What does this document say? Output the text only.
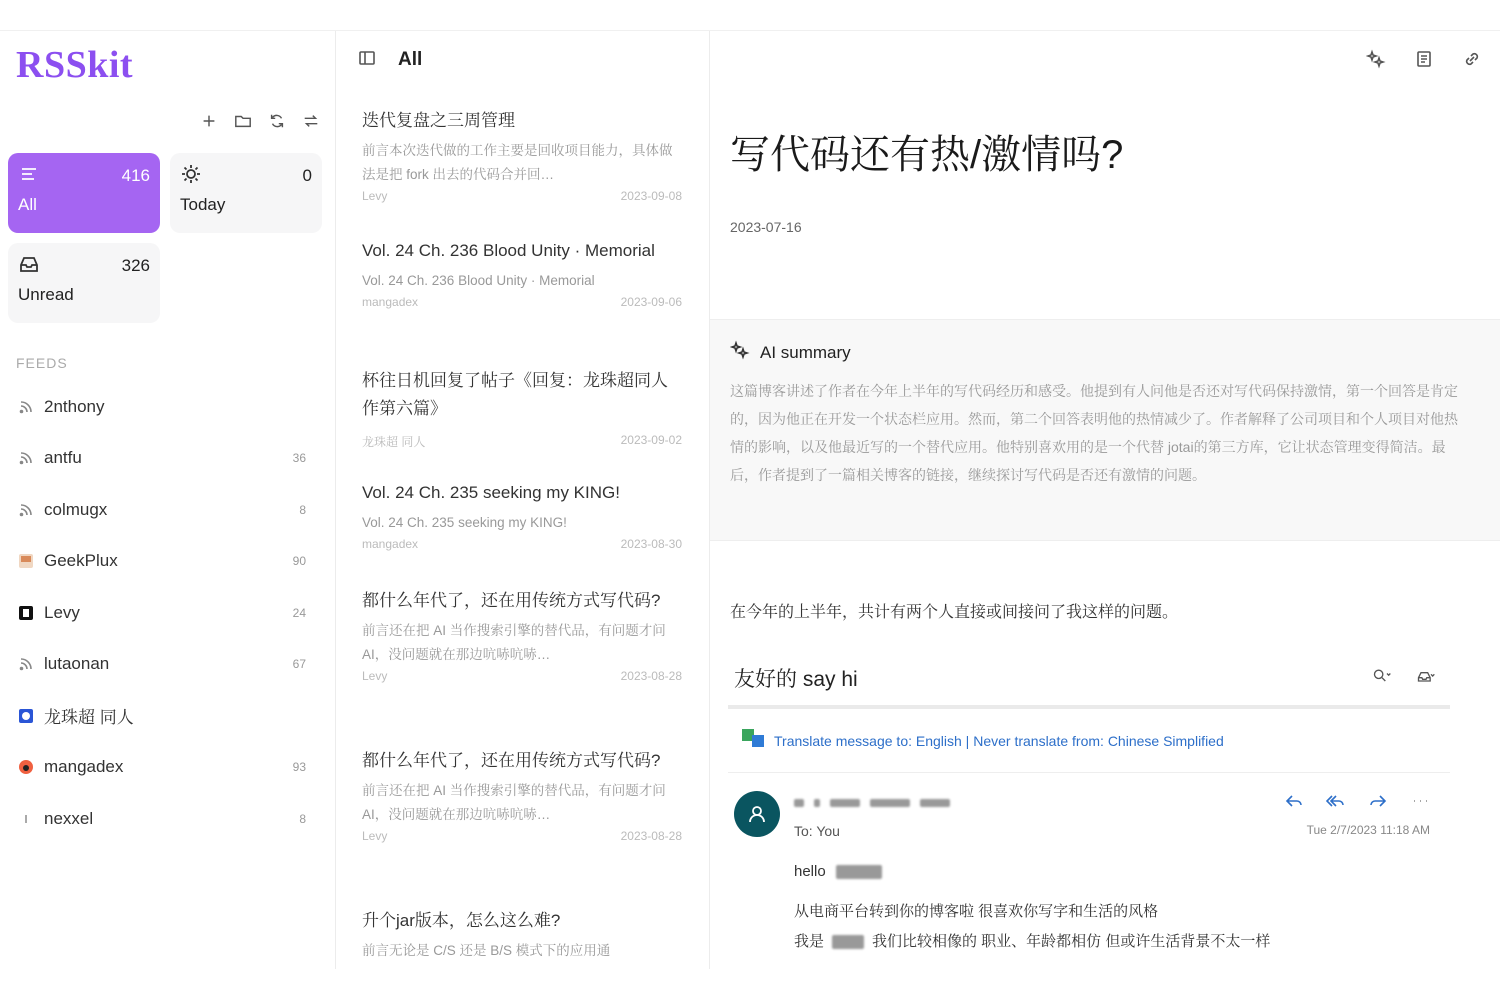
RSSkit
416
All
0
Today
326
Unread
FEEDS
2nthony
antfu	36
colmugx	8
GeekPlux	90
Levy	24
lutaonan	67
龙珠超 同人
mangadex	93
nexxel	8
All
迭代复盘之三周管理
前言本次迭代做的工作主要是回收项目能力，具体做法是把 fork 出去的代码合并回…
Levy	2023-09-08
Vol. 24 Ch. 236 Blood Unity · Memorial
Vol. 24 Ch. 236 Blood Unity · Memorial
mangadex	2023-09-06
杯往日机回复了帖子《回复：龙珠超同人作第六篇》
龙珠超 同人	2023-09-02
Vol. 24 Ch. 235 seeking my KING!
Vol. 24 Ch. 235 seeking my KING!
mangadex	2023-08-30
都什么年代了，还在用传统方式写代码?
前言还在把 AI 当作搜索引擎的替代品，有问题才问 AI，没问题就在那边吭哧吭哧…
Levy	2023-08-28
都什么年代了，还在用传统方式写代码?
前言还在把 AI 当作搜索引擎的替代品，有问题才问 AI，没问题就在那边吭哧吭哧…
Levy	2023-08-28
升个jar版本，怎么这么难?
前言无论是 C/S 还是 B/S 模式下的应用通
写代码还有热/激情吗?
2023-07-16
AI summary
这篇博客讲述了作者在今年上半年的写代码经历和感受。他提到有人问他是否还对写代码保持激情，第一个回答是肯定的，因为他正在开发一个状态栏应用。然而，第二个回答表明他的热情减少了。作者解释了公司项目和个人项目对他热情的影响，以及他最近写的一个替代应用。他特别喜欢用的是一个代替 jotai的第三方库，它让状态管理变得简洁。最后，作者提到了一篇相关博客的链接，继续探讨写代码是否还有激情的问题。
在今年的上半年，共计有两个人直接或间接问了我这样的问题。
友好的 say hi
Translate message to: English | Never translate from: Chinese Simplified
To: You	Tue 2/7/2023 11:18 AM
hello
从电商平台转到你的博客啦 很喜欢你写字和生活的风格
我是	我们比较相像的 职业、年龄都相仿 但或许生活背景不太一样
